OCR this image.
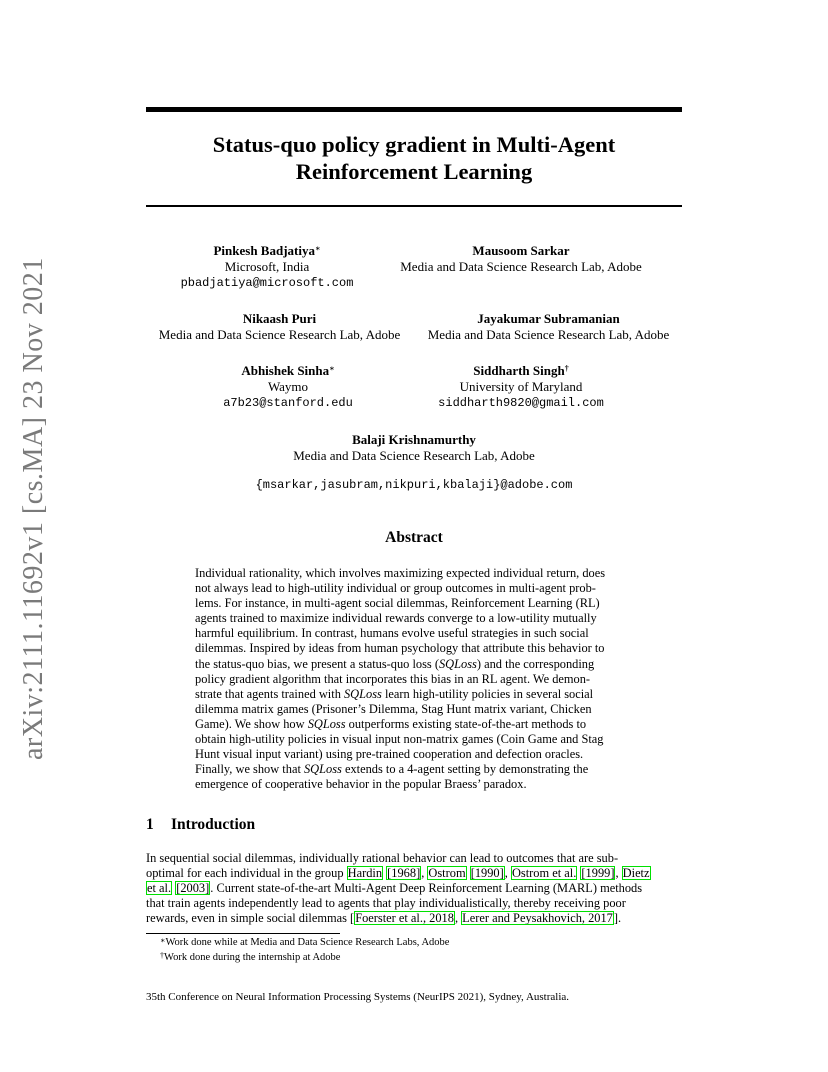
arXiv:2111.11692v1 [cs.MA] 23 Nov 2021
Status-quo policy gradient in Multi-Agent
Reinforcement Learning
Pinkesh Badjatiya∗
Microsoft, India
pbadjatiya@microsoft.com
Mausoom Sarkar
Media and Data Science Research Lab, Adobe
Nikaash Puri
Media and Data Science Research Lab, Adobe
Jayakumar Subramanian
Media and Data Science Research Lab, Adobe
Abhishek Sinha∗
Waymo
a7b23@stanford.edu
Siddharth Singh†
University of Maryland
siddharth9820@gmail.com
Balaji Krishnamurthy
Media and Data Science Research Lab, Adobe
{msarkar,jasubram,nikpuri,kbalaji}@adobe.com
Abstract
Individual rationality, which involves maximizing expected individual return, does
not always lead to high-utility individual or group outcomes in multi-agent prob-
lems. For instance, in multi-agent social dilemmas, Reinforcement Learning (RL)
agents trained to maximize individual rewards converge to a low-utility mutually
harmful equilibrium. In contrast, humans evolve useful strategies in such social
dilemmas. Inspired by ideas from human psychology that attribute this behavior to
the status-quo bias, we present a status-quo loss (SQLoss) and the corresponding
policy gradient algorithm that incorporates this bias in an RL agent. We demon-
strate that agents trained with SQLoss learn high-utility policies in several social
dilemma matrix games (Prisoner’s Dilemma, Stag Hunt matrix variant, Chicken
Game). We show how SQLoss outperforms existing state-of-the-art methods to
obtain high-utility policies in visual input non-matrix games (Coin Game and Stag
Hunt visual input variant) using pre-trained cooperation and defection oracles.
Finally, we show that SQLoss extends to a 4-agent setting by demonstrating the
emergence of cooperative behavior in the popular Braess’ paradox.
1 Introduction
In sequential social dilemmas, individually rational behavior can lead to outcomes that are sub-
optimal for each individual in the group Hardin [1968], Ostrom [1990], Ostrom et al. [1999], Dietz
et al. [2003]. Current state-of-the-art Multi-Agent Deep Reinforcement Learning (MARL) methods
that train agents independently lead to agents that play individualistically, thereby receiving poor
rewards, even in simple social dilemmas [Foerster et al., 2018, Lerer and Peysakhovich, 2017].
∗Work done while at Media and Data Science Research Labs, Adobe
†Work done during the internship at Adobe
35th Conference on Neural Information Processing Systems (NeurIPS 2021), Sydney, Australia.
